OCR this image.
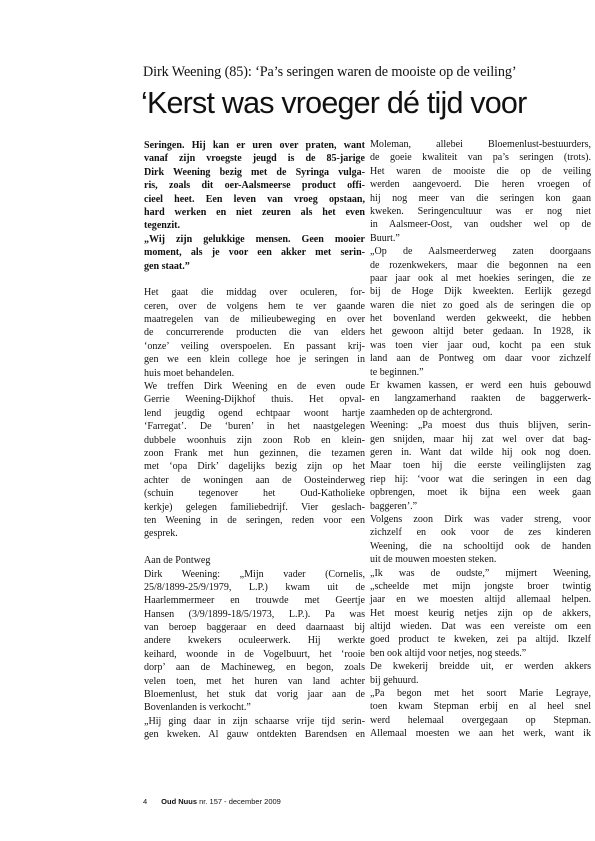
Dirk Weening (85): ‘Pa’s seringen waren de mooiste op de veiling’
‘Kerst was vroeger dé tijd voor
Seringen. Hij kan er uren over praten, want
vanaf zijn vroegste jeugd is de 85-jarige
Dirk Weening bezig met de Syringa vulga-
ris, zoals dit oer-Aalsmeerse product offi-
cieel heet. Een leven van vroeg opstaan,
hard werken en niet zeuren als het even
tegenzit.
„Wij zijn gelukkige mensen. Geen mooier
moment, als je voor een akker met serin-
gen staat.”
Het gaat die middag over oculeren, for-
ceren, over de volgens hem te ver gaande
maatregelen van de milieubeweging en over
de concurrerende producten die van elders
‘onze’ veiling overspoelen. En passant krij-
gen we een klein college hoe je seringen in
huis moet behandelen.
We treffen Dirk Weening en de even oude
Gerrie Weening-Dijkhof thuis. Het opval-
lend jeugdig ogend echtpaar woont hartje
‘Farregat’. De ‘buren’ in het naastgelegen
dubbele woonhuis zijn zoon Rob en klein-
zoon Frank met hun gezinnen, die tezamen
met ‘opa Dirk’ dagelijks bezig zijn op het
achter de woningen aan de Oosteinderweg
(schuin tegenover het Oud-Katholieke
kerkje) gelegen familiebedrijf. Vier geslach-
ten Weening in de seringen, reden voor een
gesprek.
Aan de Pontweg
Dirk Weening: „Mijn vader (Cornelis,
25/8/1899-25/9/1979, L.P.) kwam uit de
Haarlemmermeer en trouwde met Geertje
Hansen (3/9/1899-18/5/1973, L.P.). Pa was
van beroep baggeraar en deed daarnaast bij
andere kwekers oculeerwerk. Hij werkte
keihard, woonde in de Vogelbuurt, het ‘rooie
dorp’ aan de Machineweg, en begon, zoals
velen toen, met het huren van land achter
Bloemenlust, het stuk dat vorig jaar aan de
Bovenlanden is verkocht.”
„Hij ging daar in zijn schaarse vrije tijd serin-
gen kweken. Al gauw ontdekten Barendsen en
Moleman, allebei Bloemenlust-bestuurders,
de goeie kwaliteit van pa’s seringen (trots).
Het waren de mooiste die op de veiling
werden aangevoerd. Die heren vroegen of
hij nog meer van die seringen kon gaan
kweken. Seringencultuur was er nog niet
in Aalsmeer-Oost, van oudsher wel op de
Buurt.”
„Op de Aalsmeerderweg zaten doorgaans
de rozenkwekers, maar die begonnen na een
paar jaar ook al met hoekies seringen, die ze
bij de Hoge Dijk kweekten. Eerlijk gezegd
waren die niet zo goed als de seringen die op
het bovenland werden gekweekt, die hebben
het gewoon altijd beter gedaan. In 1928, ik
was toen vier jaar oud, kocht pa een stuk
land aan de Pontweg om daar voor zichzelf
te beginnen.”
Er kwamen kassen, er werd een huis gebouwd
en langzamerhand raakten de baggerwerk-
zaamheden op de achtergrond.
Weening: „Pa moest dus thuis blijven, serin-
gen snijden, maar hij zat wel over dat bag-
geren in. Want dat wilde hij ook nog doen.
Maar toen hij die eerste veilinglijsten zag
riep hij: ‘voor wat die seringen in een dag
opbrengen, moet ik bijna een week gaan
baggeren’.”
Volgens zoon Dirk was vader streng, voor
zichzelf en ook voor de zes kinderen
Weening, die na schooltijd ook de handen
uit de mouwen moesten steken.
„Ik was de oudste,” mijmert Weening,
„scheelde met mijn jongste broer twintig
jaar en we moesten altijd allemaal helpen.
Het moest keurig netjes zijn op de akkers,
altijd wieden. Dat was een vereiste om een
goed product te kweken, zei pa altijd. Ikzelf
ben ook altijd voor netjes, nog steeds.”
De kwekerij breidde uit, er werden akkers
bij gehuurd.
„Pa begon met het soort Marie Legraye,
toen kwam Stepman erbij en al heel snel
werd helemaal overgegaan op Stepman.
Allemaal moesten we aan het werk, want ik
4 Oud Nuus nr. 157 - december 2009
